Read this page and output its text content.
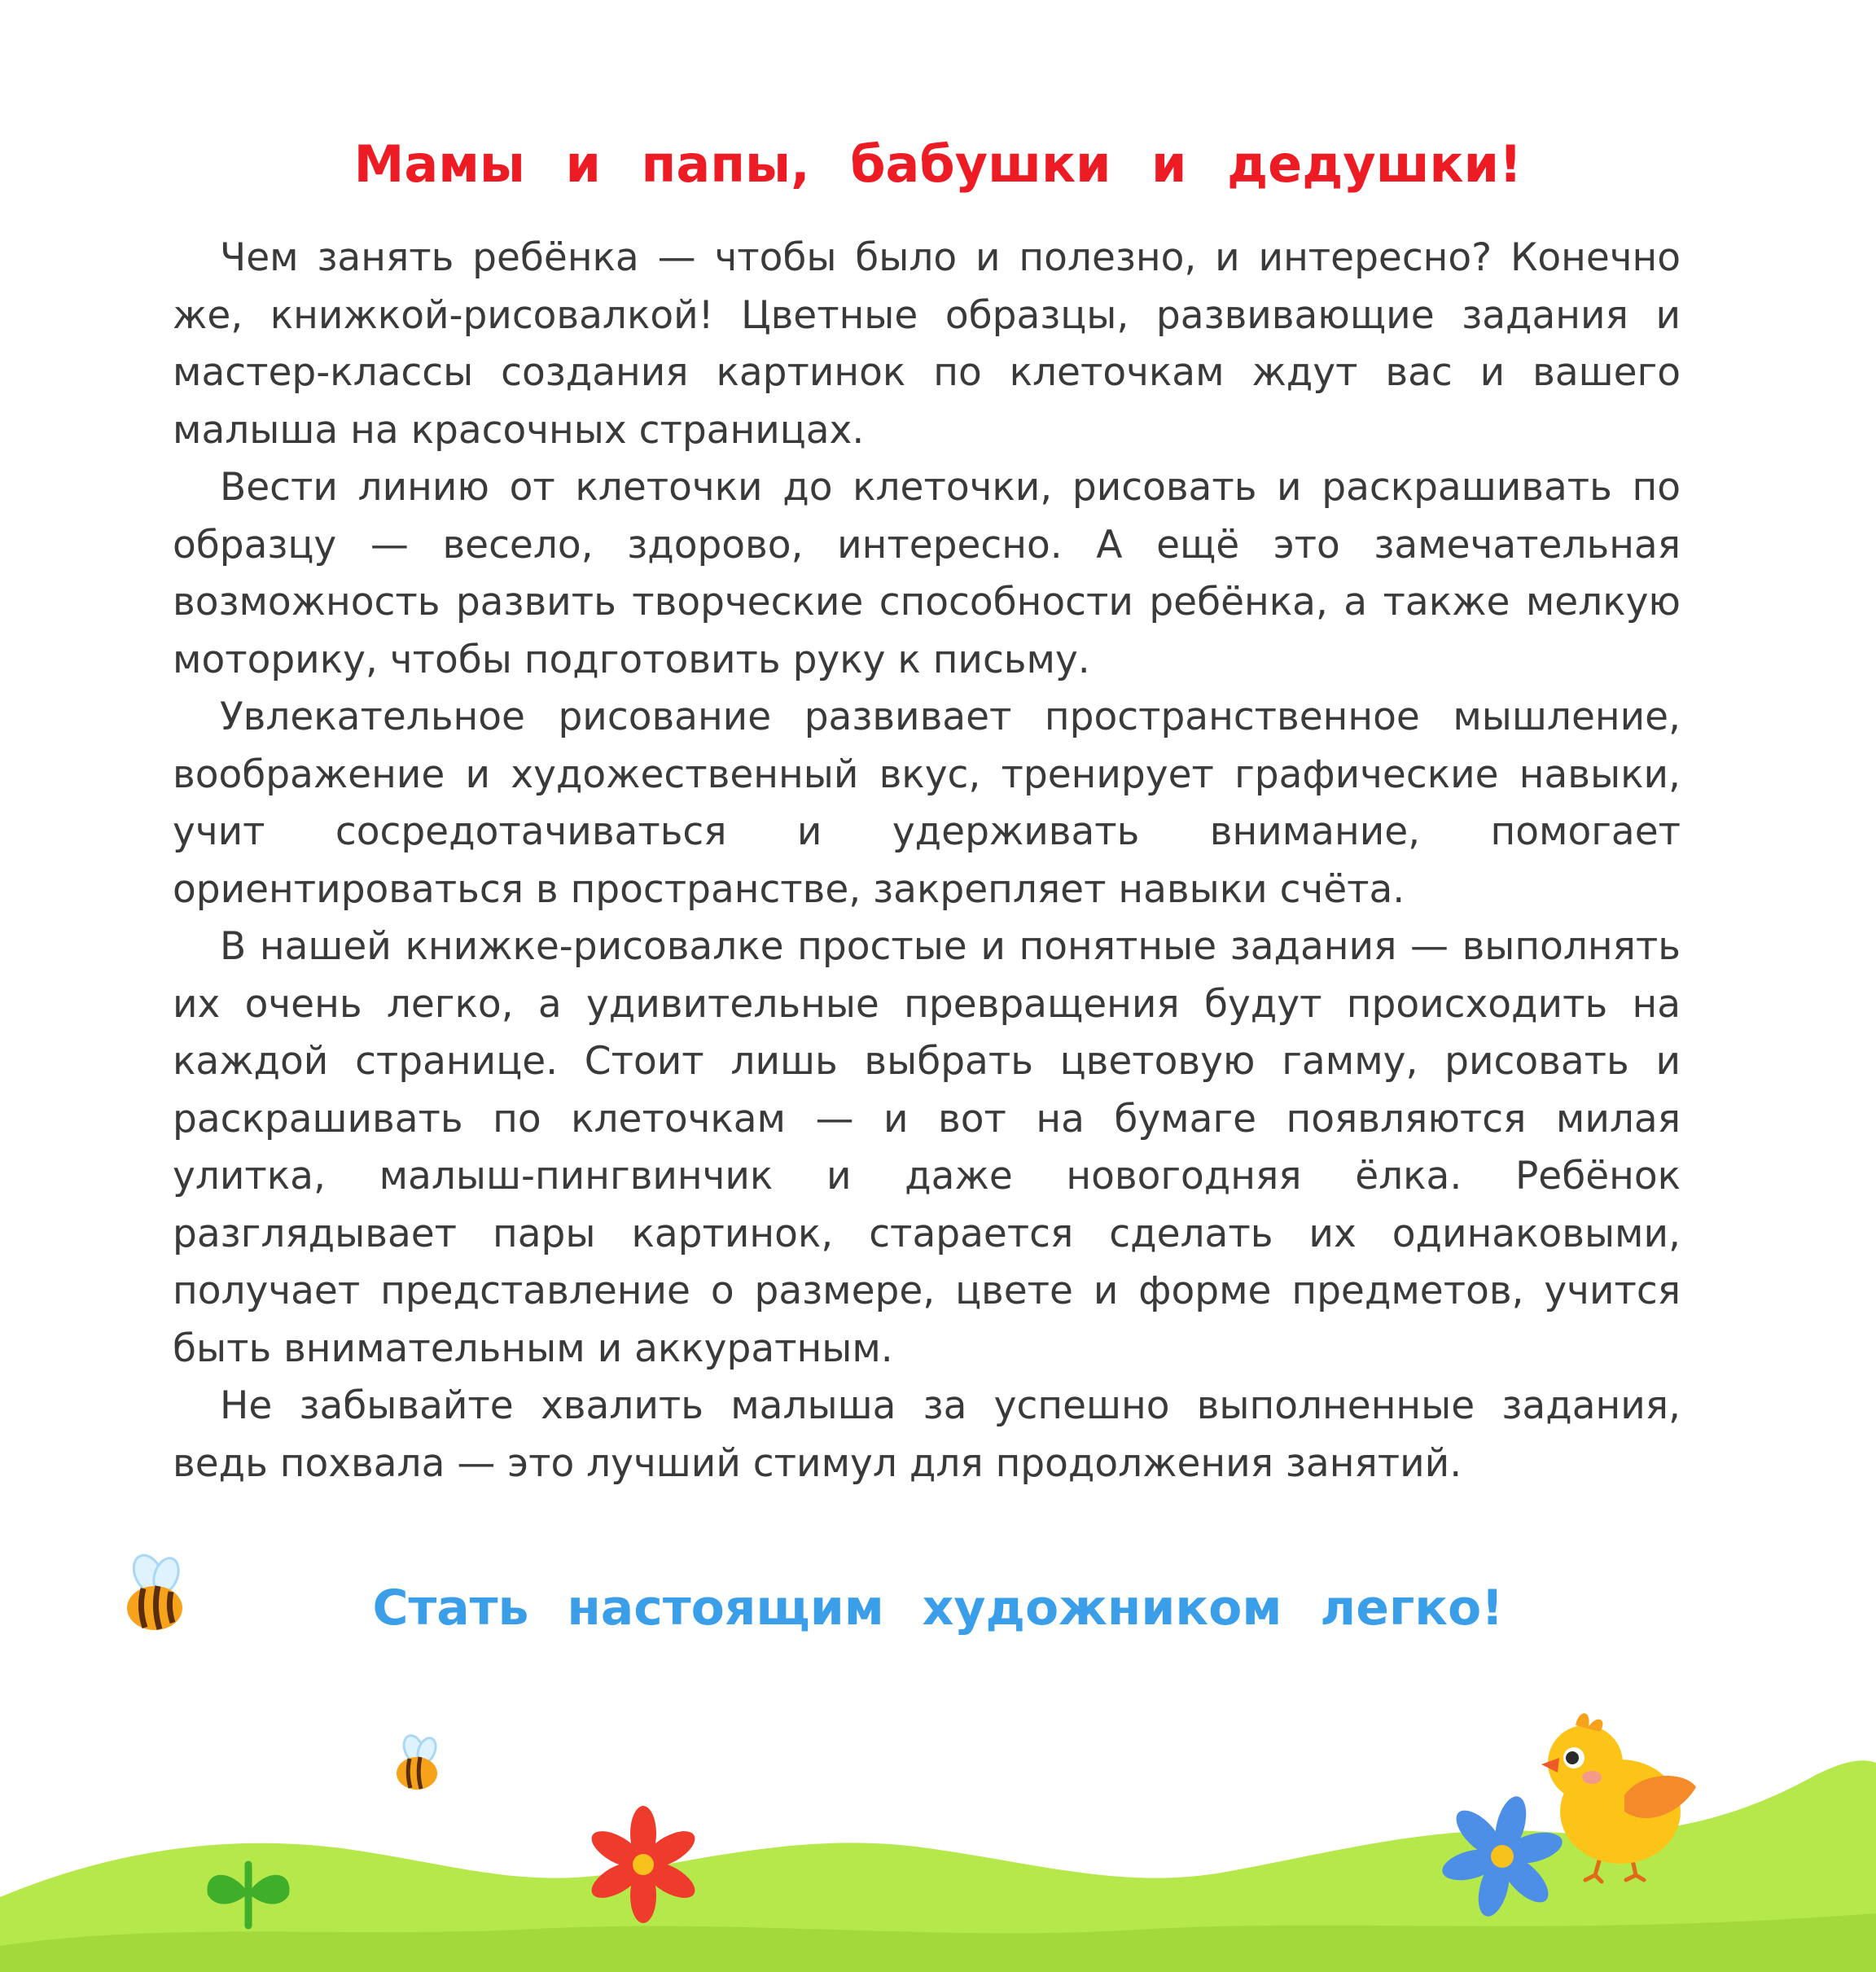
Мамы и папы, бабушки и дедушки!

Чем занять ребёнка — чтобы было и полезно, и интересно? Конечно же, книжкой-рисовалкой! Цветные образцы, развивающие задания и мастер-классы создания картинок по клеточкам ждут вас и вашего малыша на красочных страницах.

Вести линию от клеточки до клеточки, рисовать и раскрашивать по образцу — весело, здорово, интересно. А ещё это замечательная возможность развить творческие способности ребёнка, а также мелкую моторику, чтобы подготовить руку к письму.

Увлекательное рисование развивает пространственное мышление, воображение и художественный вкус, тренирует графические навыки, учит сосредотачиваться и удерживать внимание, помогает ориентироваться в пространстве, закрепляет навыки счёта.

В нашей книжке-рисовалке простые и понятные задания — выполнять их очень легко, а удивительные превращения будут происходить на каждой странице. Стоит лишь выбрать цветовую гамму, рисовать и раскрашивать по клеточкам — и вот на бумаге появляются милая улитка, малыш-пингвинчик и даже новогодняя ёлка. Ребёнок разглядывает пары картинок, старается сделать их одинаковыми, получает представление о размере, цвете и форме предметов, учится быть внимательным и аккуратным.

Не забывайте хвалить малыша за успешно выполненные задания, ведь похвала — это лучший стимул для продолжения занятий.

Стать настоящим художником легко!
